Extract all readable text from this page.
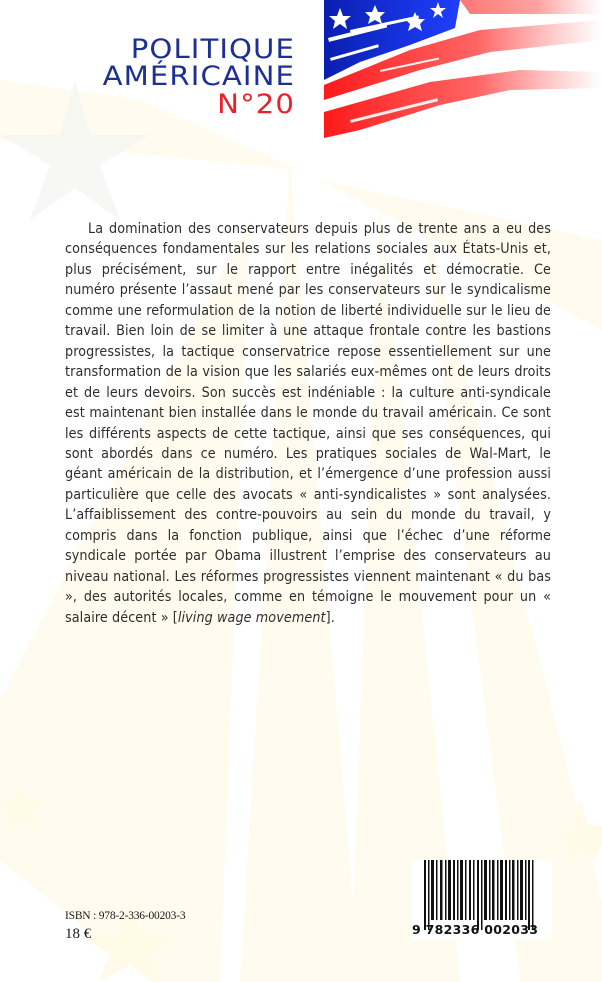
POLITIQUE
AMÉRICAINE
N°20

La domination des conservateurs depuis plus de trente ans a eu des conséquences fondamentales sur les relations sociales aux États-Unis et, plus précisément, sur le rapport entre inégalités et démocratie. Ce numéro présente l’assaut mené par les conservateurs sur le syndicalisme comme une reformulation de la notion de liberté individuelle sur le lieu de travail. Bien loin de se limiter à une attaque frontale contre les bastions progressistes, la tactique conservatrice repose essentiellement sur une transformation de la vision que les salariés eux-mêmes ont de leurs droits et de leurs devoirs. Son succès est indéniable : la culture anti-syndicale est maintenant bien installée dans le monde du travail américain. Ce sont les différents aspects de cette tactique, ainsi que ses conséquences, qui sont abordés dans ce numéro. Les pratiques sociales de Wal-Mart, le géant américain de la distribution, et l’émergence d’une profession aussi particulière que celle des avocats « anti-syndicalistes » sont analysées. L’affaiblissement des contre-pouvoirs au sein du monde du travail, y compris dans la fonction publique, ainsi que l’échec d’une réforme syndicale portée par Obama illustrent l’emprise des conservateurs au niveau national. Les réformes progressistes viennent maintenant « du bas », des autorités locales, comme en témoigne le mouvement pour un « salaire décent » [living wage movement].

ISBN : 978-2-336-00203-3
18 €	9 782336 002033
